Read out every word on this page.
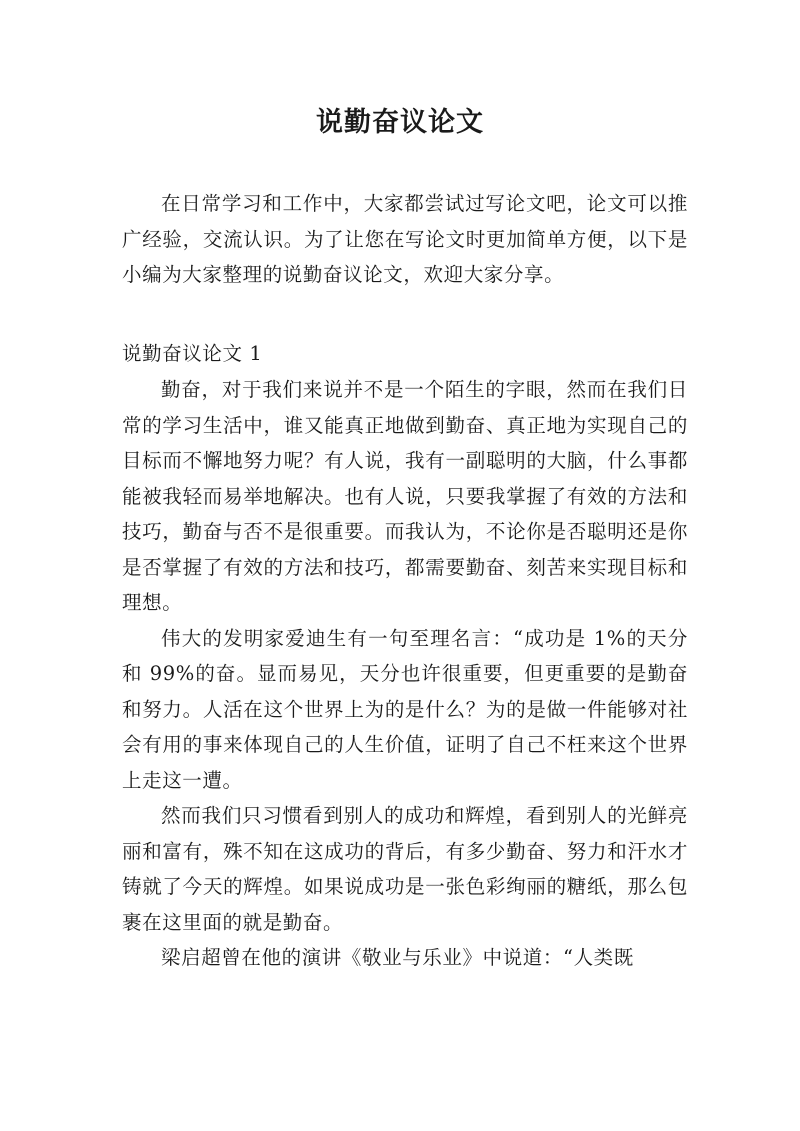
说勤奋议论文

在日常学习和工作中，大家都尝试过写论文吧，论文可以推广经验，交流认识。为了让您在写论文时更加简单方便，以下是小编为大家整理的说勤奋议论文，欢迎大家分享。

说勤奋议论文 1

勤奋，对于我们来说并不是一个陌生的字眼，然而在我们日常的学习生活中，谁又能真正地做到勤奋、真正地为实现自己的目标而不懈地努力呢？有人说，我有一副聪明的大脑，什么事都能被我轻而易举地解决。也有人说，只要我掌握了有效的方法和技巧，勤奋与否不是很重要。而我认为，不论你是否聪明还是你是否掌握了有效的方法和技巧，都需要勤奋、刻苦来实现目标和理想。

伟大的发明家爱迪生有一句至理名言：“成功是 1%的天分和 99%的奋。显而易见，天分也许很重要，但更重要的是勤奋和努力。人活在这个世界上为的是什么？为的是做一件能够对社会有用的事来体现自己的人生价值，证明了自己不枉来这个世界上走这一遭。

然而我们只习惯看到别人的成功和辉煌，看到别人的光鲜亮丽和富有，殊不知在这成功的背后，有多少勤奋、努力和汗水才铸就了今天的辉煌。如果说成功是一张色彩绚丽的糖纸，那么包裹在这里面的就是勤奋。

梁启超曾在他的演讲《敬业与乐业》中说道：“人类既
